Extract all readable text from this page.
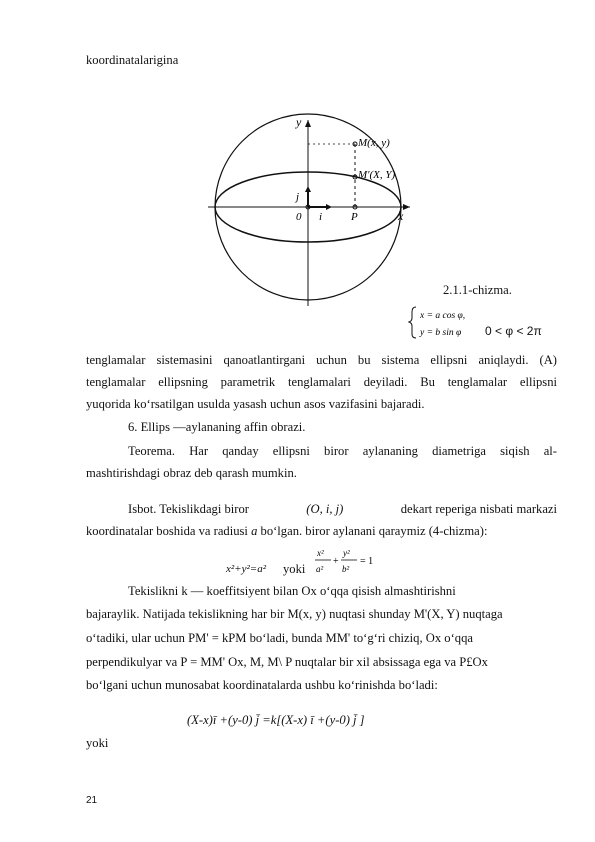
koordinatalarigina
y
M(x, y)
M'(X, Y)
j
0 i	P	x
2.1.1-chizma.
x = a cos φ,
y = b sin φ 0 < φ < 2π
tenglamalar sistemasini qanoatlantirgani uchun bu sistema ellipsni aniqlaydi. (A)
tenglamalar ellipsning parametrik tenglamalari deyiladi. Bu tenglamalar ellipsni
yuqorida ko‘rsatilgan usulda yasash uchun asos vazifasini bajaradi.
6. Ellips —aylananing affin obrazi.
Teorema. Har qanday ellipsni biror aylananing diametriga siqish al-
mashtirishdagi obraz deb qarash mumkin.
Isbot. Tekislikdagi biror	(O, i, j)	dekart reperiga nisbati markazi
koordinatalar boshida va radiusi a bo‘lgan. biror aylanani qaraymiz (4-chizma):
x²+y²=a² yoki
x²
a²
+
y²
b²
= 1
Tekislikni k — koeffitsiyent bilan Ox o‘qqa qisish almashtirishni
bajaraylik. Natijada tekislikning har bir M(x, y) nuqtasi shunday M'(X, Y) nuqtaga
o‘tadiki, ular uchun PM' = kPM bo‘ladi, bunda MM' to‘g‘ri chiziq, Ox o‘qqa
perpendikulyar va P = MM' Ox, M, M\ P nuqtalar bir xil absissaga ega va P£Ox
bo‘lgani uchun munosabat koordinatalarda ushbu ko‘rinishda bo‘ladi:
(X-x)ī +(y-0) j̄ =k[(X-x) ī +(y-0) j̄ ]
yoki
21
